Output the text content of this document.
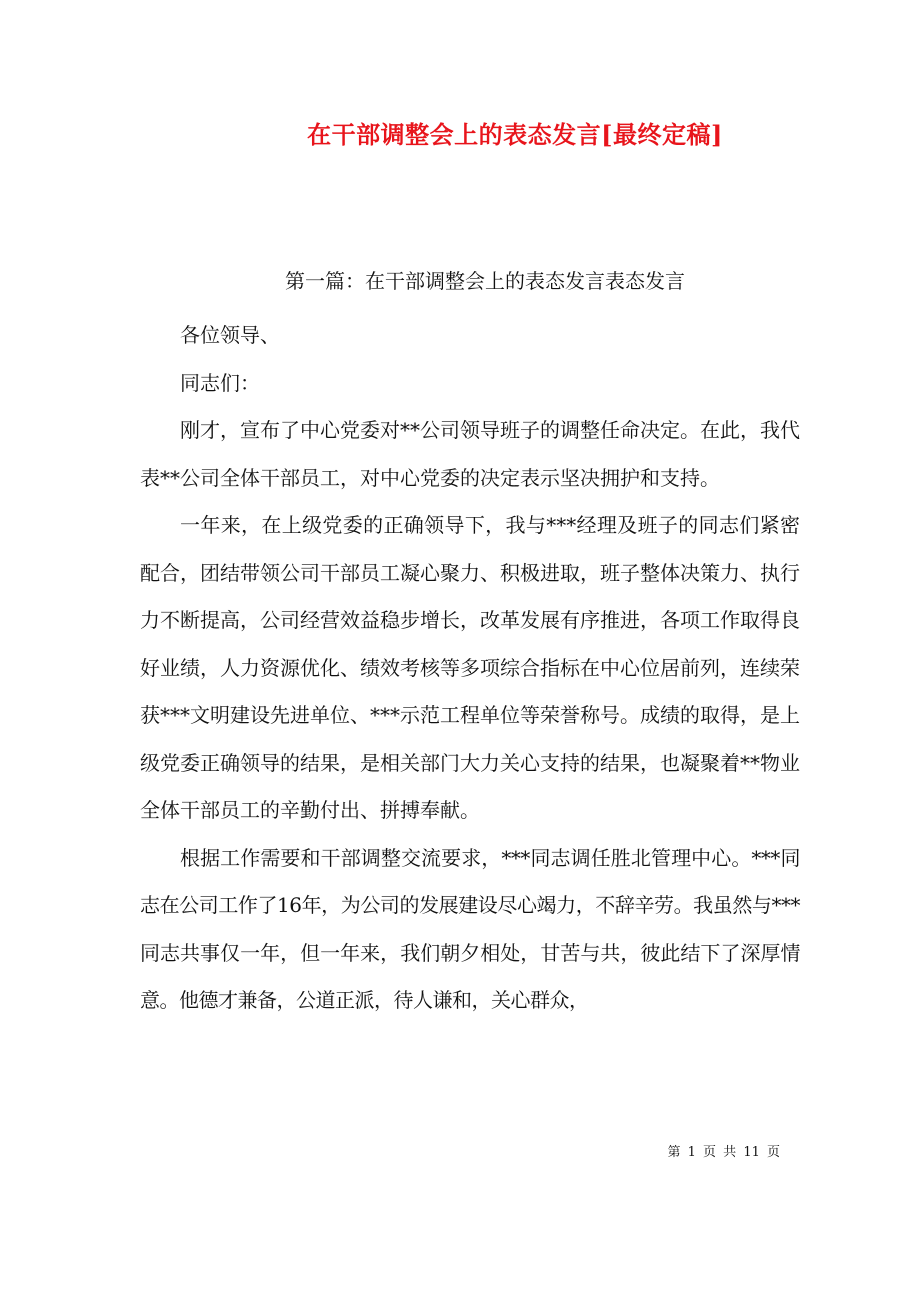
在干部调整会上的表态发言[最终定稿]
第一篇：在干部调整会上的表态发言表态发言

各位领导、

同志们：

刚才，宣布了中心党委对**公司领导班子的调整任命决定。在此，我代表**公司全体干部员工，对中心党委的决定表示坚决拥护和支持。

一年来，在上级党委的正确领导下，我与***经理及班子的同志们紧密配合，团结带领公司干部员工凝心聚力、积极进取，班子整体决策力、执行力不断提高，公司经营效益稳步增长，改革发展有序推进，各项工作取得良好业绩，人力资源优化、绩效考核等多项综合指标在中心位居前列，连续荣获***文明建设先进单位、***示范工程单位等荣誉称号。成绩的取得，是上级党委正确领导的结果，是相关部门大力关心支持的结果，也凝聚着**物业全体干部员工的辛勤付出、拼搏奉献。

根据工作需要和干部调整交流要求，***同志调任胜北管理中心。***同志在公司工作了16年，为公司的发展建设尽心竭力，不辞辛劳。我虽然与***同志共事仅一年，但一年来，我们朝夕相处，甘苦与共，彼此结下了深厚情意。他德才兼备，公道正派，待人谦和，关心群众，

第 1 页 共 11 页
